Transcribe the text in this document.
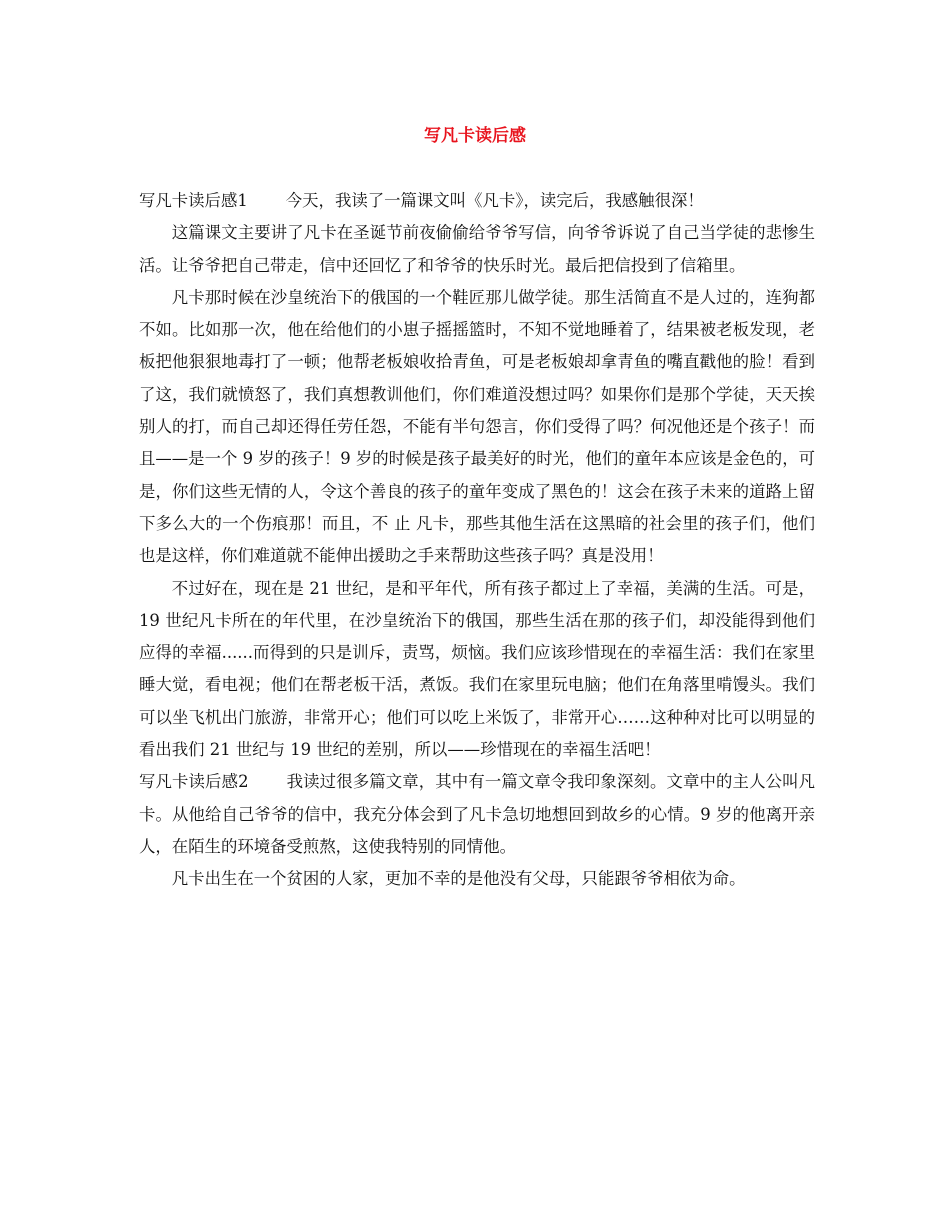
写凡卡读后感

写凡卡读后感1 今天，我读了一篇课文叫《凡卡》，读完后，我感触很深！

这篇课文主要讲了凡卡在圣诞节前夜偷偷给爷爷写信，向爷爷诉说了自己当学徒的悲惨生活。让爷爷把自己带走，信中还回忆了和爷爷的快乐时光。最后把信投到了信箱里。

凡卡那时候在沙皇统治下的俄国的一个鞋匠那儿做学徒。那生活简直不是人过的，连狗都不如。比如那一次，他在给他们的小崽子摇摇篮时，不知不觉地睡着了，结果被老板发现，老板把他狠狠地毒打了一顿；他帮老板娘收拾青鱼，可是老板娘却拿青鱼的嘴直戳他的脸！看到了这，我们就愤怒了，我们真想教训他们，你们难道没想过吗？如果你们是那个学徒，天天挨别人的打，而自己却还得任劳任怨，不能有半句怨言，你们受得了吗？何况他还是个孩子！而且——是一个 9 岁的孩子！9 岁的时候是孩子最美好的时光，他们的童年本应该是金色的，可是，你们这些无情的人，令这个善良的孩子的童年变成了黑色的！这会在孩子未来的道路上留下多么大的一个伤痕那！而且，不 止 凡卡，那些其他生活在这黑暗的社会里的孩子们，他们也是这样，你们难道就不能伸出援助之手来帮助这些孩子吗？真是没用！

不过好在，现在是 21 世纪，是和平年代，所有孩子都过上了幸福，美满的生活。可是，19 世纪凡卡所在的年代里，在沙皇统治下的俄国，那些生活在那的孩子们，却没能得到他们应得的幸福......而得到的只是训斥，责骂，烦恼。我们应该珍惜现在的幸福生活：我们在家里睡大觉，看电视；他们在帮老板干活，煮饭。我们在家里玩电脑；他们在角落里啃馒头。我们可以坐飞机出门旅游，非常开心；他们可以吃上米饭了，非常开心……这种种对比可以明显的看出我们 21 世纪与 19 世纪的差别，所以——珍惜现在的幸福生活吧！

写凡卡读后感2 我读过很多篇文章，其中有一篇文章令我印象深刻。文章中的主人公叫凡卡。从他给自己爷爷的信中，我充分体会到了凡卡急切地想回到故乡的心情。9 岁的他离开亲人，在陌生的环境备受煎熬，这使我特别的同情他。

凡卡出生在一个贫困的人家，更加不幸的是他没有父母，只能跟爷爷相依为命。
